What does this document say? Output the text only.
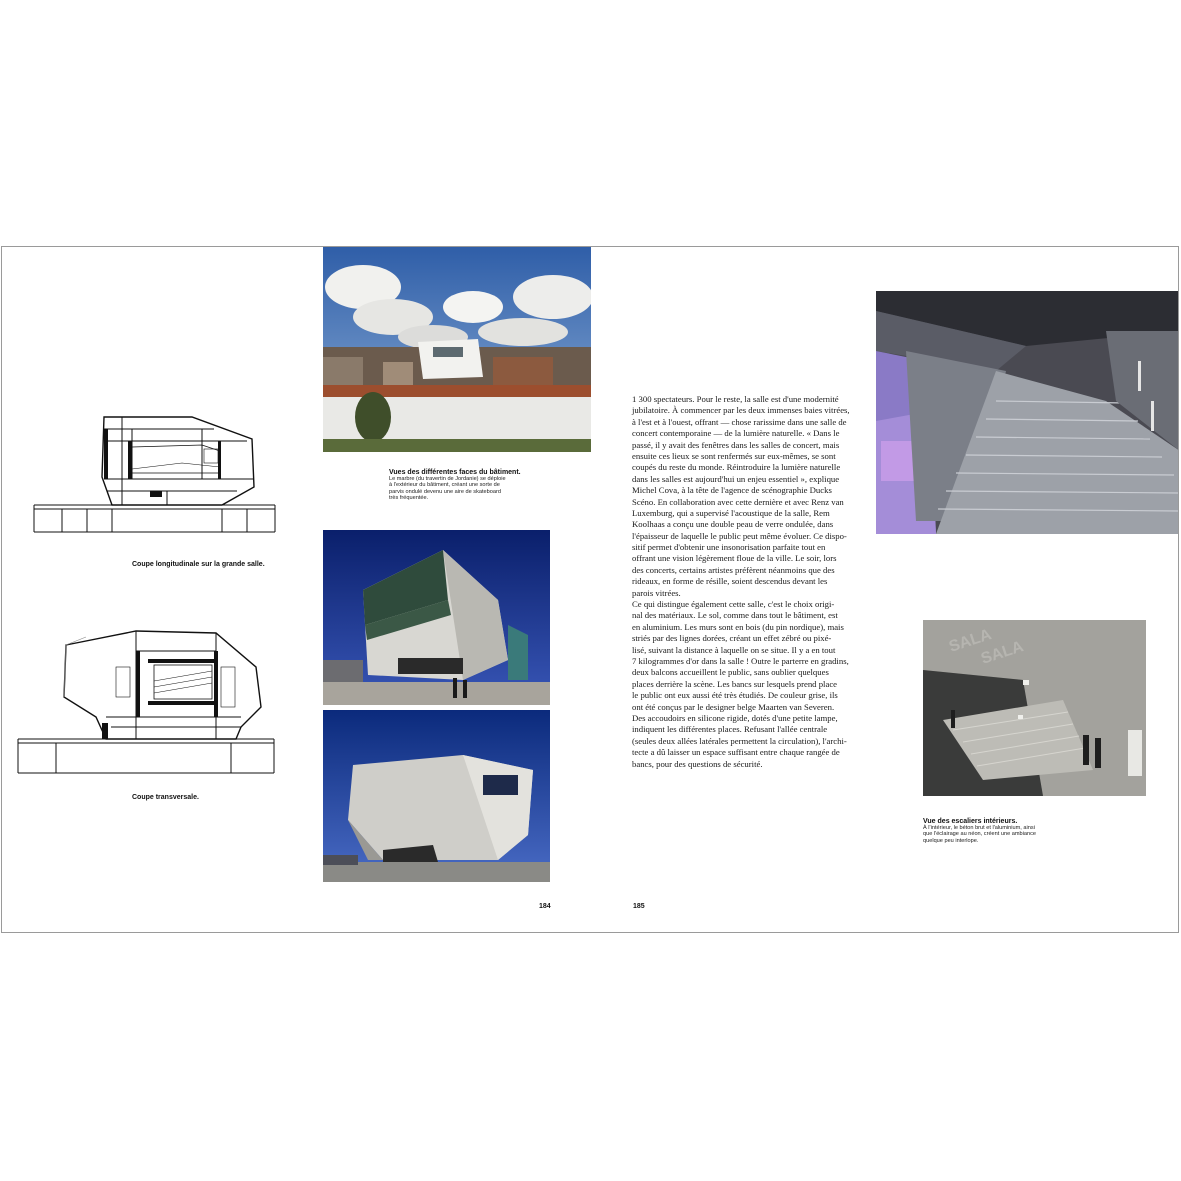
Coupe longitudinale sur la grande salle.
Coupe transversale.
Vues des différentes faces du bâtiment.
Le marbre (du travertin de Jordanie) se déploie
à l'extérieur du bâtiment, créant une sorte de
parvis ondulé devenu une aire de skateboard
très fréquentée.
184	185
1 300 spectateurs. Pour le reste, la salle est d'une modernité
jubilatoire. À commencer par les deux immenses baies vitrées,
à l'est et à l'ouest, offrant — chose rarissime dans une salle de
concert contemporaine — de la lumière naturelle. « Dans le
passé, il y avait des fenêtres dans les salles de concert, mais
ensuite ces lieux se sont renfermés sur eux-mêmes, se sont
coupés du reste du monde. Réintroduire la lumière naturelle
dans les salles est aujourd'hui un enjeu essentiel », explique
Michel Cova, à la tête de l'agence de scénographie Ducks
Scéno. En collaboration avec cette dernière et avec Renz van
Luxemburg, qui a supervisé l'acoustique de la salle, Rem
Koolhaas a conçu une double peau de verre ondulée, dans
l'épaisseur de laquelle le public peut même évoluer. Ce dispo-
sitif permet d'obtenir une insonorisation parfaite tout en
offrant une vision légèrement floue de la ville. Le soir, lors
des concerts, certains artistes préfèrent néanmoins que des
rideaux, en forme de résille, soient descendus devant les
parois vitrées.
Ce qui distingue également cette salle, c'est le choix origi-
nal des matériaux. Le sol, comme dans tout le bâtiment, est
en aluminium. Les murs sont en bois (du pin nordique), mais
striés par des lignes dorées, créant un effet zébré ou pixé-
lisé, suivant la distance à laquelle on se situe. Il y a en tout
7 kilogrammes d'or dans la salle ! Outre le parterre en gradins,
deux balcons accueillent le public, sans oublier quelques
places derrière la scène. Les bancs sur lesquels prend place
le public ont eux aussi été très étudiés. De couleur grise, ils
ont été conçus par le designer belge Maarten van Severen.
Des accoudoirs en silicone rigide, dotés d'une petite lampe,
indiquent les différentes places. Refusant l'allée centrale
(seules deux allées latérales permettent la circulation), l'archi-
tecte a dû laisser un espace suffisant entre chaque rangée de
bancs, pour des questions de sécurité.
SALA
SALA
Vue des escaliers intérieurs.
À l'intérieur, le béton brut et l'aluminium, ainsi
que l'éclairage au néon, créent une ambiance
quelque peu interlope.
